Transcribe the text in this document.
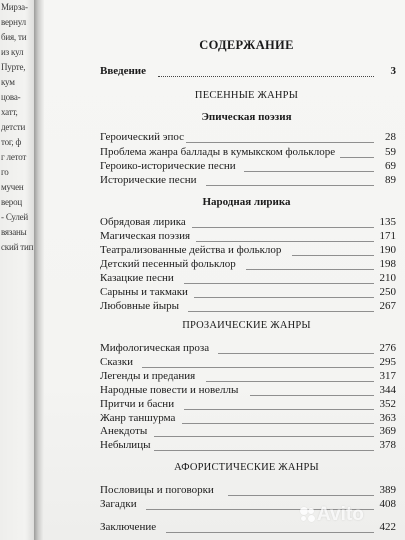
Мирза-
вернул
бия, ти
из кул
Пурте,
кум
цова-
хатт,
детсти
тог, ф
г летот
го
мучен
вероц
- Сулей
вязаны
ский тип
СОДЕРЖАНИЕ
Введение	3
ПЕСЕННЫЕ ЖАНРЫ
Эпическая поэзия
Героический эпос	28
Проблема жанра баллады в кумыкском фольклоре	59
Героико-исторические песни	69
Исторические песни	89
Народная лирика
Обрядовая лирика	135
Магическая поэзия	171
Театрализованные действа и фольклор	190
Детский песенный фольклор	198
Казацкие песни	210
Сарыны и такмаки	250
Любовные йыры	267
ПРОЗАИЧЕСКИЕ ЖАНРЫ
Мифологическая проза	276
Сказки	295
Легенды и предания	317
Народные повести и новеллы	344
Притчи и басни	352
Жанр таншурма	363
Анекдоты	369
Небылицы	378
АФОРИСТИЧЕСКИЕ ЖАНРЫ
Пословицы и поговорки	389
Загадки	408
Заключение	422
Avito
